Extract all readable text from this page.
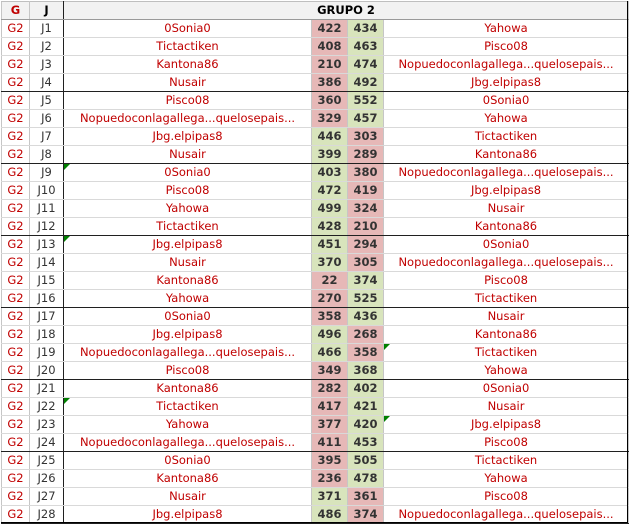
G	J	GRUPO 2			
G2	J1	0Sonia0	422	434	Yahowa
G2	J2	Tictactiken	408	463	Pisco08
G2	J3	Kantona86	210	474	Nopuedoconlagallega...quelosepais...
G2	J4	Nusair	386	492	Jbg.elpipas8
G2	J5	Pisco08	360	552	0Sonia0
G2	J6	Nopuedoconlagallega...quelosepais...	329	457	Yahowa
G2	J7	Jbg.elpipas8	446	303	Tictactiken
G2	J8	Nusair	399	289	Kantona86
G2	J9	0Sonia0	403	380	Nopuedoconlagallega...quelosepais...
G2	J10	Pisco08	472	419	Jbg.elpipas8
G2	J11	Yahowa	499	324	Nusair
G2	J12	Tictactiken	428	210	Kantona86
G2	J13	Jbg.elpipas8	451	294	0Sonia0
G2	J14	Nusair	370	305	Nopuedoconlagallega...quelosepais...
G2	J15	Kantona86	22	374	Pisco08
G2	J16	Yahowa	270	525	Tictactiken
G2	J17	0Sonia0	358	436	Nusair
G2	J18	Jbg.elpipas8	496	268	Kantona86
G2	J19	Nopuedoconlagallega...quelosepais...	466	358	Tictactiken

G2	J20	Pisco08	349	368	Yahowa
G2	J21	Kantona86	282	402	0Sonia0
G2	J22	Tictactiken	417	421	Nusair
G2	J23	Yahowa	377	420	Jbg.elpipas8

G2	J24	Nopuedoconlagallega...quelosepais...	411	453	Pisco08
G2	J25	0Sonia0	395	505	Tictactiken
G2	J26	Kantona86	236	478	Yahowa
G2	J27	Nusair	371	361	Pisco08
G2	J28	Jbg.elpipas8	486	374	Nopuedoconlagallega...quelosepais...
